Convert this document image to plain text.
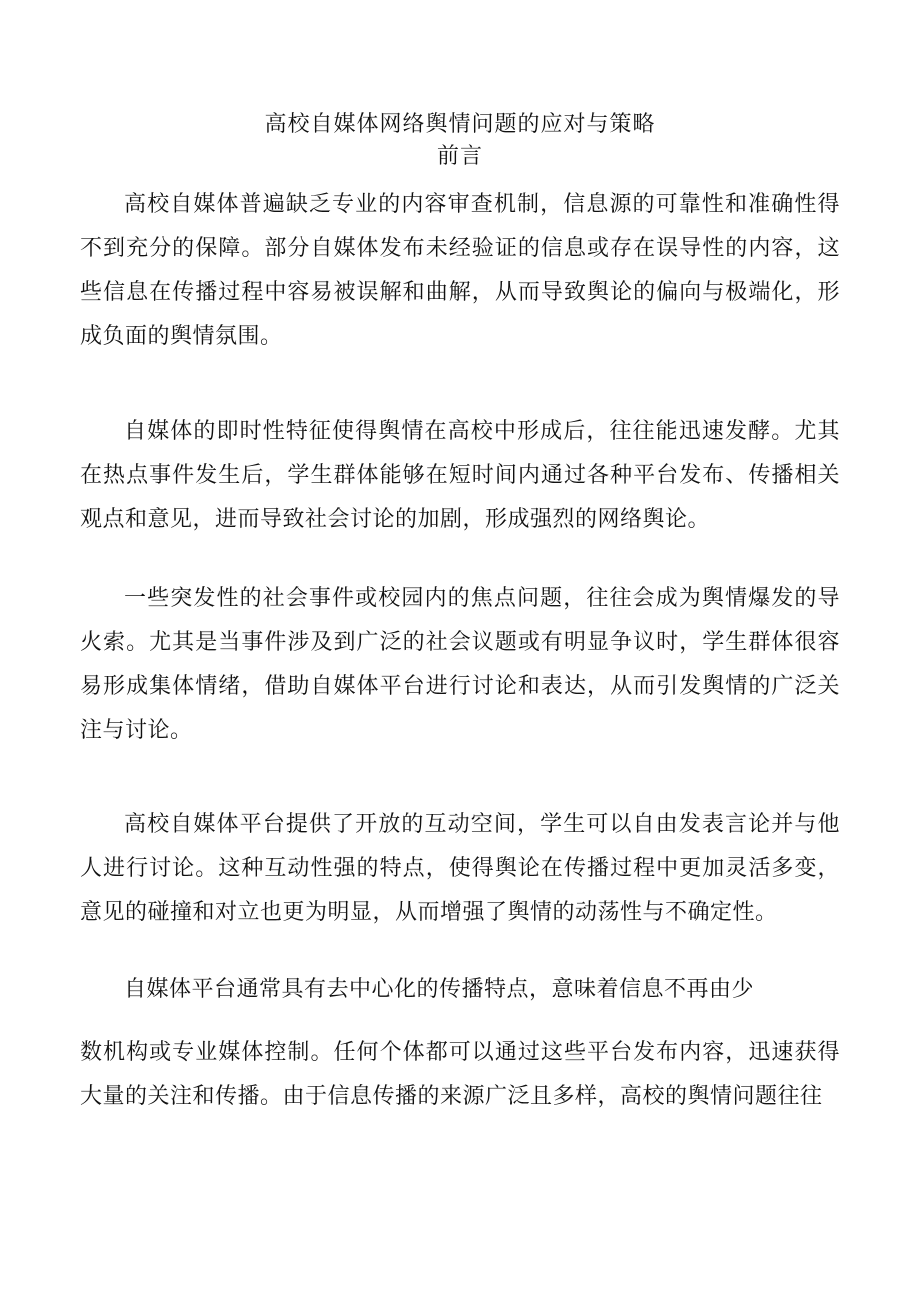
高校自媒体网络舆情问题的应对与策略
前言

高校自媒体普遍缺乏专业的内容审查机制，信息源的可靠性和准确性得不到充分的保障。部分自媒体发布未经验证的信息或存在误导性的内容，这些信息在传播过程中容易被误解和曲解，从而导致舆论的偏向与极端化，形成负面的舆情氛围。

自媒体的即时性特征使得舆情在高校中形成后，往往能迅速发酵。尤其在热点事件发生后，学生群体能够在短时间内通过各种平台发布、传播相关观点和意见，进而导致社会讨论的加剧，形成强烈的网络舆论。

一些突发性的社会事件或校园内的焦点问题，往往会成为舆情爆发的导火索。尤其是当事件涉及到广泛的社会议题或有明显争议时，学生群体很容易形成集体情绪，借助自媒体平台进行讨论和表达，从而引发舆情的广泛关注与讨论。

高校自媒体平台提供了开放的互动空间，学生可以自由发表言论并与他人进行讨论。这种互动性强的特点，使得舆论在传播过程中更加灵活多变，意见的碰撞和对立也更为明显，从而增强了舆情的动荡性与不确定性。

自媒体平台通常具有去中心化的传播特点，意味着信息不再由少

数机构或专业媒体控制。任何个体都可以通过这些平台发布内容，迅速获得大量的关注和传播。由于信息传播的来源广泛且多样，高校的舆情问题往往
